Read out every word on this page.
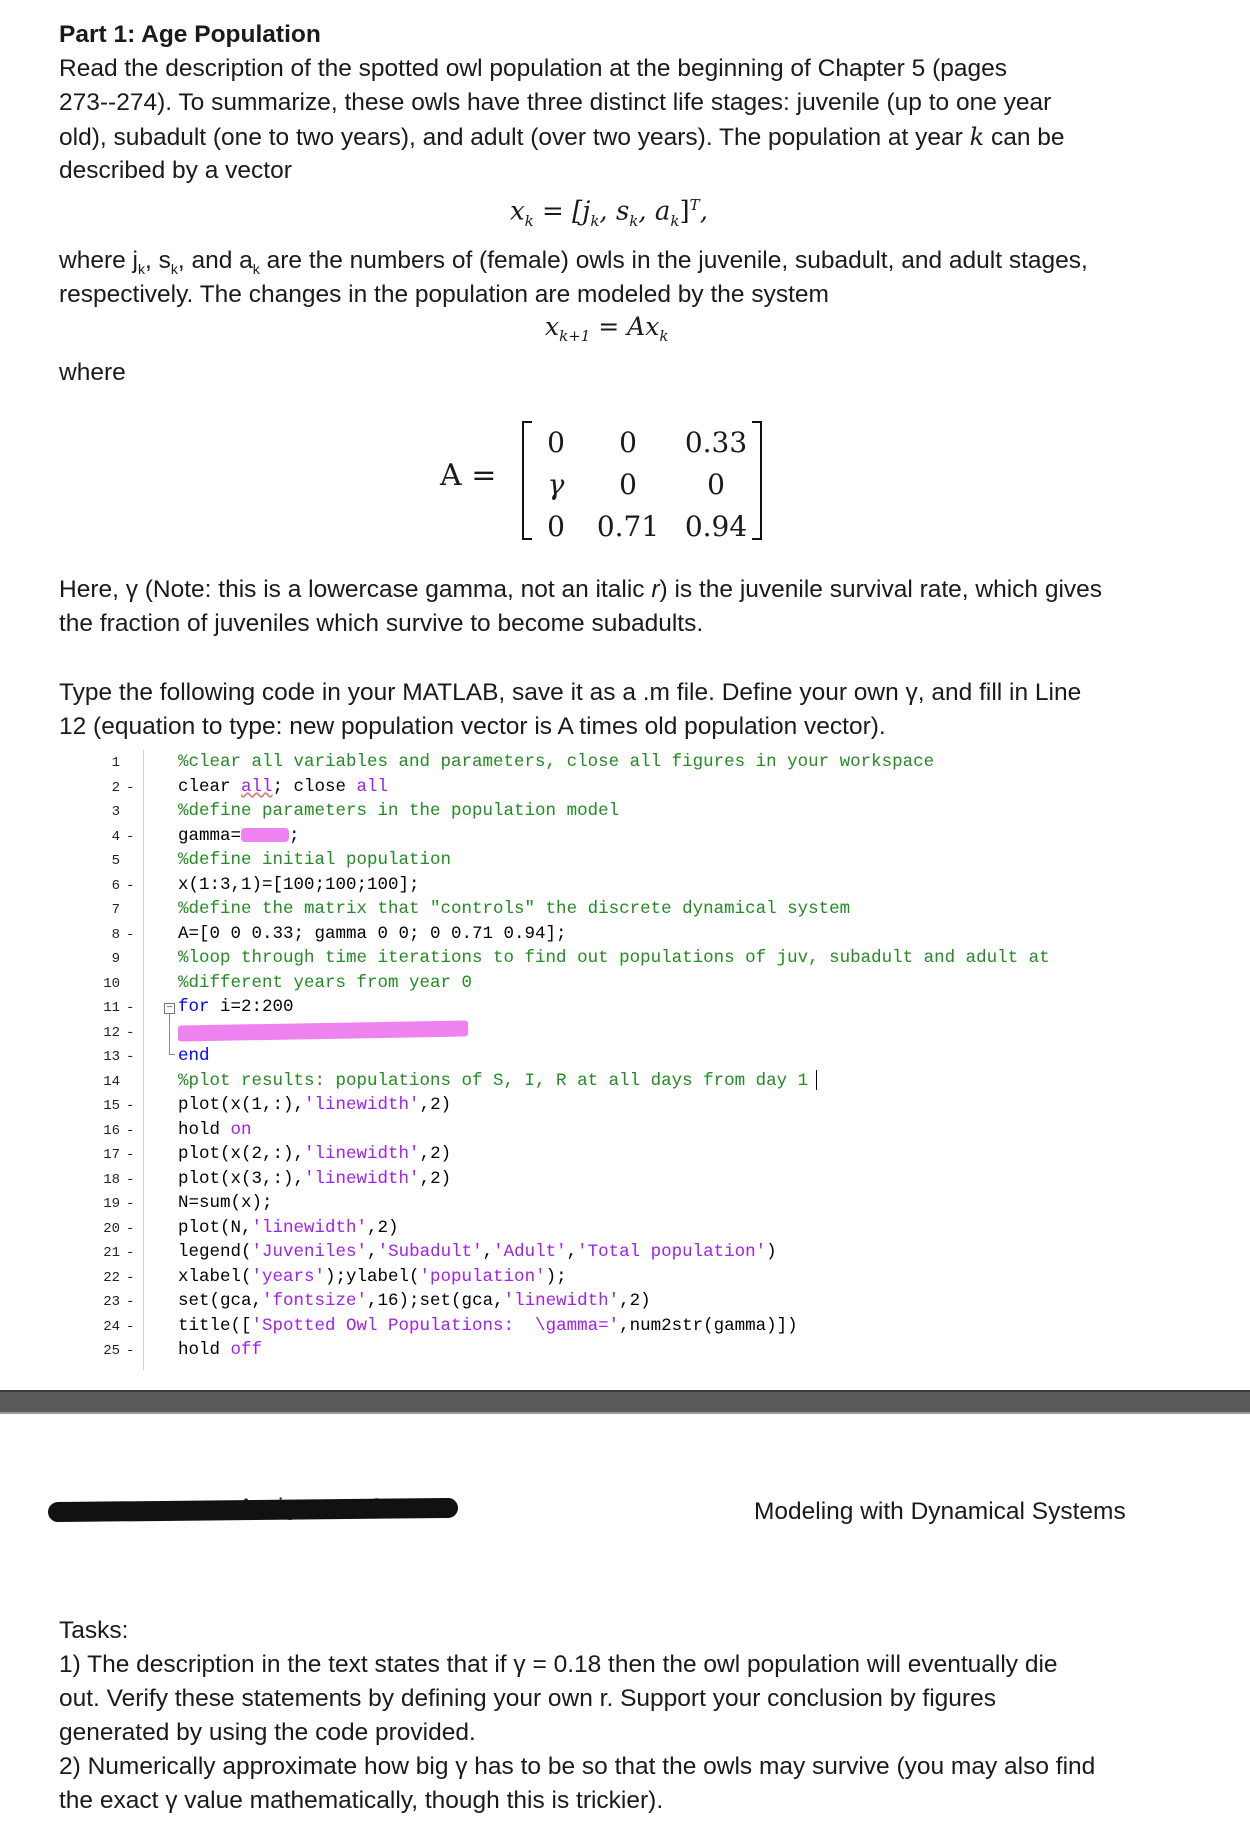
Part 1: Age Population
Read the description of the spotted owl population at the beginning of Chapter 5 (pages
273--274). To summarize, these owls have three distinct life stages: juvenile (up to one year
old), subadult (one to two years), and adult (over two years). The population at year k can be
described by a vector
$x_k = [j_k$, $s_k$, $a_k]^T$,
where $j_k$, $s_k$, and $a_k$ are the numbers of (female) owls in the juvenile, subadult, and adult stages,
respectively. The changes in the population are modeled by the system
$x_{k+1} = Ax_k$
where
A =
0	0	0.33
γ	0	0
0	0.71	0.94
Here, γ (Note: this is a lowercase gamma, not an italic r) is the juvenile survival rate, which gives
the fraction of juveniles which survive to become subadults.
Type the following code in your MATLAB, save it as a .m file. Define your own γ, and fill in Line
12 (equation to type: new population vector is A times old population vector).
1
2 -
3
4 -
5
6 -
7
8 -
9
10
11 -
12 -
13 -
14
15 -
16 -
17 -
18 -
19 -
20 -
21 -
22 -
23 -
24 -
25 -
%clear all variables and parameters, close all figures in your workspace
clear all; close all
%define parameters in the population model
gamma=	;
%define initial population
x(1:3,1)=[100;100;100];
%define the matrix that "controls" the discrete dynamical system
A=[0 0 0.33; gamma 0 0; 0 0.71 0.94];
%loop through time iterations to find out populations of juv, subadult and adult at
%different years from year 0
for i=2:200
−
end
%plot results: populations of S, I, R at all days from day 1
plot(x(1,:),'linewidth',2)
hold on
plot(x(2,:),'linewidth',2)
plot(x(3,:),'linewidth',2)
N=sum(x);
plot(N,'linewidth',2)
legend('Juveniles','Subadult','Adult','Total population')
xlabel('years');ylabel('population');
set(gca,'fontsize',16);set(gca,'linewidth',2)
title(['Spotted Owl Populations:  \gamma=',num2str(gamma)])
hold off
Modeling with Dynamical Systems
Tasks:
1) The description in the text states that if γ = 0.18 then the owl population will eventually die
out. Verify these statements by defining your own r. Support your conclusion by figures
generated by using the code provided.
2) Numerically approximate how big γ has to be so that the owls may survive (you may also find
the exact γ value mathematically, though this is trickier).
